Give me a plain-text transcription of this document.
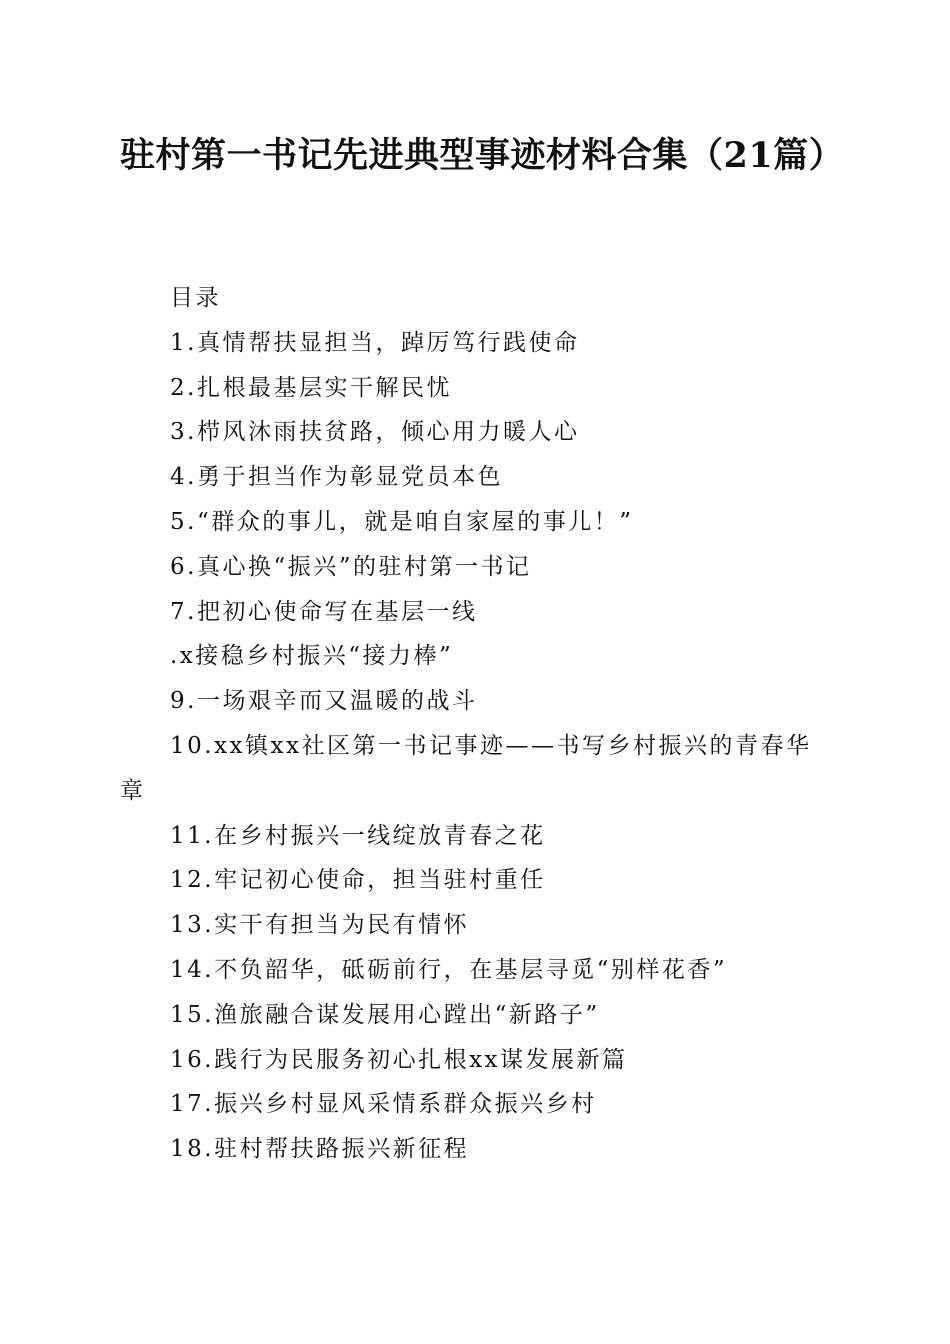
驻村第一书记先进典型事迹材料合集（21篇）

目录

1.真情帮扶显担当，踔厉笃行践使命

2.扎根最基层实干解民忧

3.栉风沐雨扶贫路，倾心用力暖人心

4.勇于担当作为彰显党员本色

5.“群众的事儿，就是咱自家屋的事儿！”

6.真心换“振兴”的驻村第一书记

7.把初心使命写在基层一线

.x接稳乡村振兴“接力棒”

9.一场艰辛而又温暖的战斗

10.xx镇xx社区第一书记事迹——书写乡村振兴的青春华章

11.在乡村振兴一线绽放青春之花

12.牢记初心使命，担当驻村重任

13.实干有担当为民有情怀

14.不负韶华，砥砺前行，在基层寻觅“别样花香”

15.渔旅融合谋发展用心蹚出“新路子”

16.践行为民服务初心扎根xx谋发展新篇

17.振兴乡村显风采情系群众振兴乡村

18.驻村帮扶路振兴新征程
